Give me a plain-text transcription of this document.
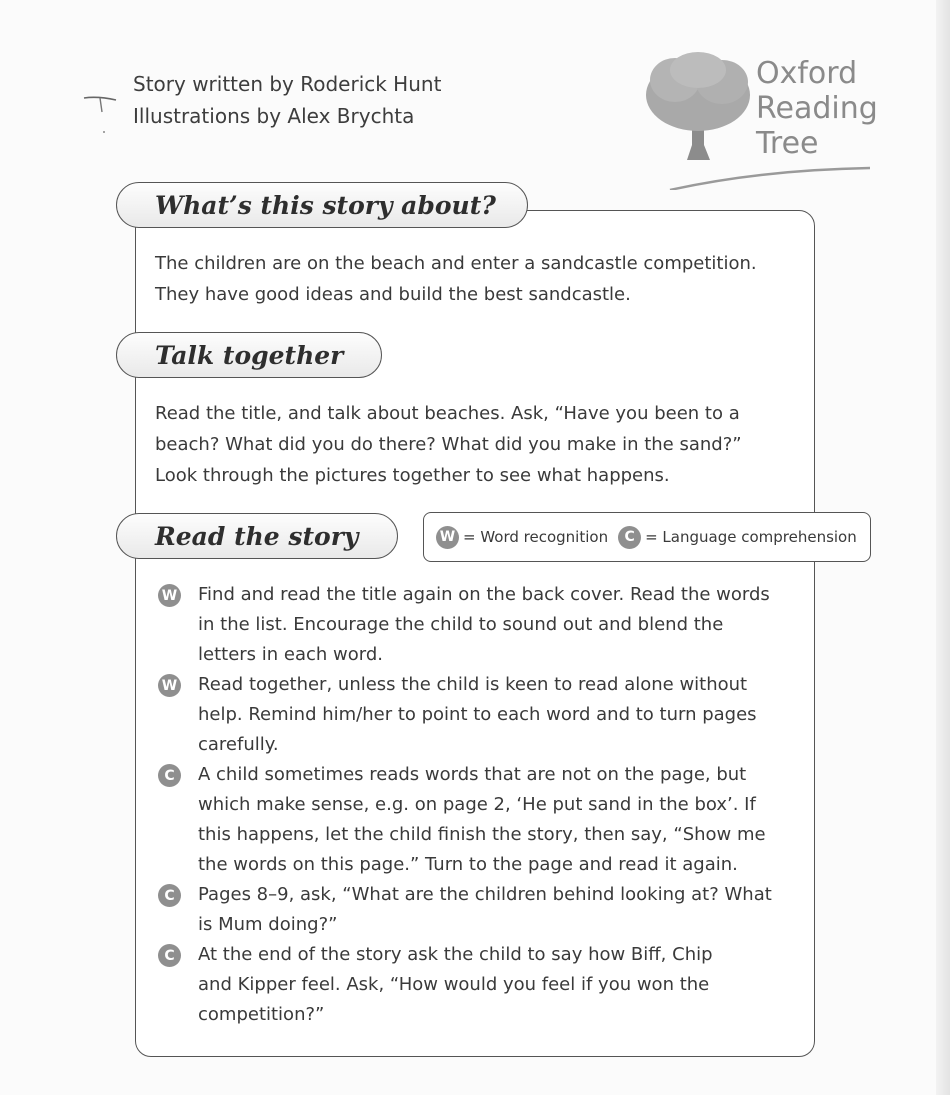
Story written by Roderick Hunt
Illustrations by Alex Brychta
Oxford
Reading
Tree
What’s this story about?
The children are on the beach and enter a sandcastle competition.
They have good ideas and build the best sandcastle.
Talk together
Read the title, and talk about beaches. Ask, “Have you been to a
beach? What did you do there? What did you make in the sand?”
Look through the pictures together to see what happens.
Read the story	W = Word recognition	C = Language comprehension
W Find and read the title again on the back cover. Read the words
in the list. Encourage the child to sound out and blend the
letters in each word.
W Read together, unless the child is keen to read alone without
help. Remind him/her to point to each word and to turn pages
carefully.
C	A child sometimes reads words that are not on the page, but
which make sense, e.g. on page 2, ‘He put sand in the box’. If
this happens, let the child finish the story, then say, “Show me
the words on this page.” Turn to the page and read it again.
C	Pages 8–9, ask, “What are the children behind looking at? What
is Mum doing?”
C	At the end of the story ask the child to say how Biff, Chip
and Kipper feel. Ask, “How would you feel if you won the
competition?”
